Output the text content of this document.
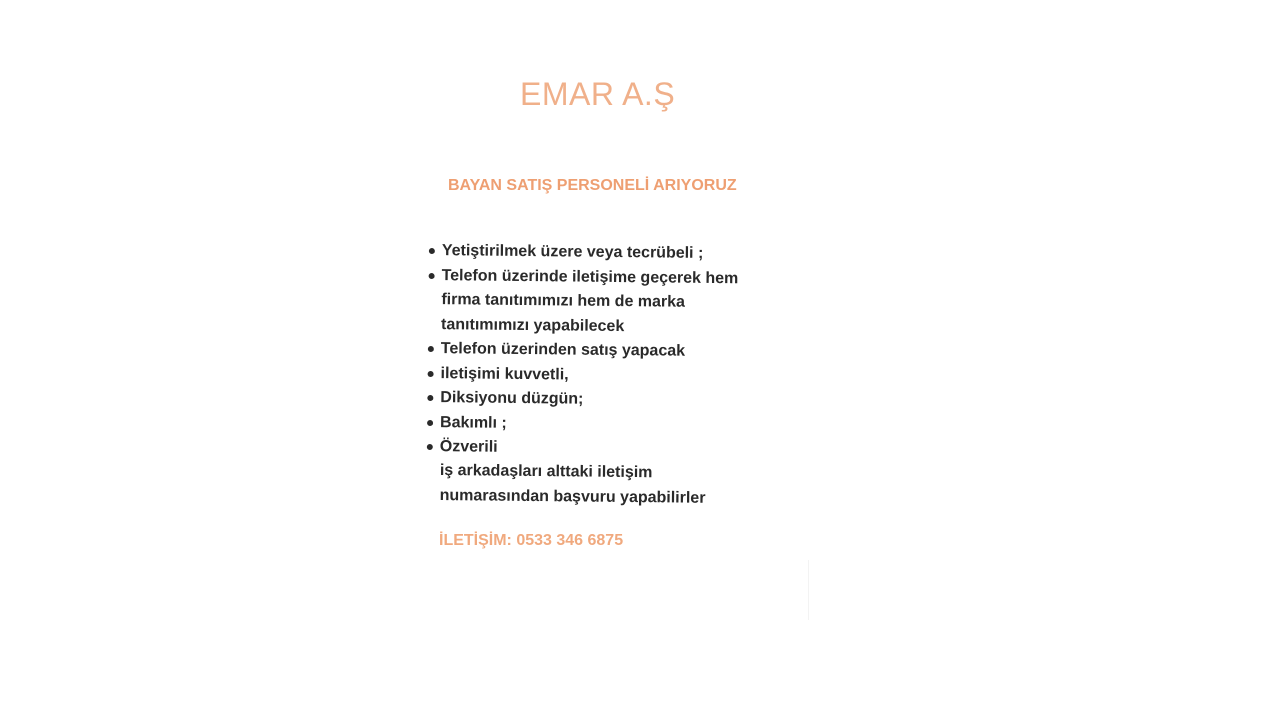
EMAR A.Ş
BAYAN SATIŞ PERSONELİ ARIYORUZ
Yetiştirilmek üzere veya tecrübeli ;
Telefon üzerinde iletişime geçerek hem
firma tanıtımımızı hem de marka
tanıtımımızı yapabilecek
Telefon üzerinden satış yapacak
iletişimi kuvvetli,
Diksiyonu düzgün;
Bakımlı ;
Özverili
iş arkadaşları alttaki iletişim
numarasından başvuru yapabilirler
İLETİŞİM: 0533 346 6875
